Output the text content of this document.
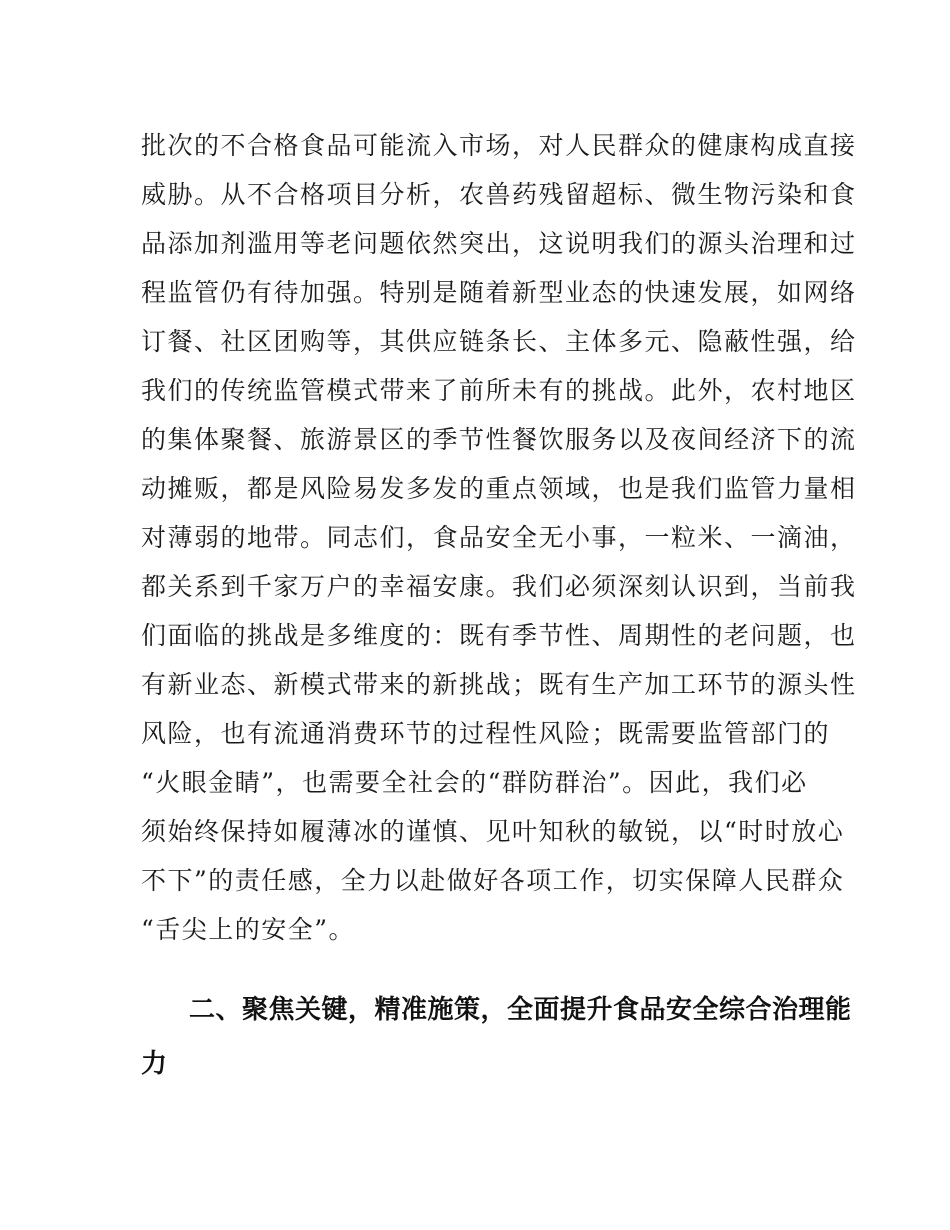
批次的不合格食品可能流入市场，对人民群众的健康构成直接
威胁。从不合格项目分析，农兽药残留超标、微生物污染和食
品添加剂滥用等老问题依然突出，这说明我们的源头治理和过
程监管仍有待加强。特别是随着新型业态的快速发展，如网络
订餐、社区团购等，其供应链条长、主体多元、隐蔽性强，给
我们的传统监管模式带来了前所未有的挑战。此外，农村地区
的集体聚餐、旅游景区的季节性餐饮服务以及夜间经济下的流
动摊贩，都是风险易发多发的重点领域，也是我们监管力量相
对薄弱的地带。同志们，食品安全无小事，一粒米、一滴油，
都关系到千家万户的幸福安康。我们必须深刻认识到，当前我
们面临的挑战是多维度的：既有季节性、周期性的老问题，也
有新业态、新模式带来的新挑战；既有生产加工环节的源头性
风险，也有流通消费环节的过程性风险；既需要监管部门的
“火眼金睛”，也需要全社会的“群防群治”。因此，我们必
须始终保持如履薄冰的谨慎、见叶知秋的敏锐，以“时时放心
不下”的责任感，全力以赴做好各项工作，切实保障人民群众
“舌尖上的安全”。
二、聚焦关键，精准施策，全面提升食品安全综合治理能
力
